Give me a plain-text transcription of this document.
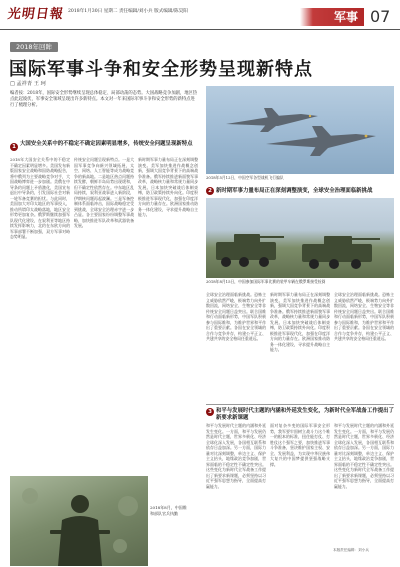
光明日報 2018年1月30日 星期二 责任编辑/刘小兵 版式编辑/陈昊阳	军事 07
2018年回眸
国际军事斗争和安全形势呈现新特点
□ 孟祥青 王 珂
编者按：2018年，国际安全形势继续呈现总体稳定、局部动荡的态势。大国战略竞争加剧，地区热点此起彼伏，军事安全领域呈现出许多新特点。本文对一年来国际军事斗争和安全形势的新特点进行了梳理分析。
2018年5月12日，中国空军各型战机飞行编队
1 大国安全关系中的不稳定不确定因素明显增多，传统安全问题呈现新特点
2018年大国安全关系中的不稳定不确定因素明显增多。美国发布新版国家安全战略和国防战略报告，将中俄列为主要战略竞争对手，大国战略博弈进一步加剧。美俄在中导条约问题上矛盾激化，美国宣布退出中导条约，引发国际社会对新一轮军备竞赛的担忧。与此同时，美国加大对印太地区的军事投入，推动所谓印太战略落地，地区安全形势更加复杂。俄罗斯继续加强军队现代化建设，在叙利亚等地区持续发挥影响力，北约在东欧方向的军事部署不断加强，双方军事对峙态势明显。
传统安全问题呈现新特点。一是大国军事竞争向新兴领域拓展，太空、网络、人工智能等成为战略竞争的新高地。二是地区热点问题持续发酵，朝鲜半岛局势出现缓和，但不确定性依然存在。中东地区乱局持续，叙利亚战事进入新阶段，伊朗核问题再起波澜。三是军备控制体系面临冲击，国际战略稳定受到挑战，全球安全治理赤字进一步凸显。各主要国家纷纷调整军事战略，加快推进军队改革和武器装备发展。
新时期军事力量布局正在深刻调整演变。美军加快推进作战概念创新，强调大国竞争背景下的高端战争准备。俄军持续推进新面貌军事改革，战略核力量和常规力量同步发展。日本加快突破战后体制束缚，防卫政策持续外向化。印度积极推进军事现代化，加强在印度洋方向的力量存在。欧洲国家推动防务一体化建设，寻求提升战略自主能力。
2 新时期军事力量布局正在深刻调整演变，全球安全治理面临新挑战
2018年8月15日，中国参加国际军事比赛的装甲车辆在俄罗斯接受检阅
全球安全治理面临新挑战。恐怖主义威胁依然严峻，极端势力向外扩散回流，网络安全、生物安全等非传统安全问题日益突出。联合国维和行动面临新形势，中国军队积极参与国际维和，为维护世界和平作出了重要贡献。各国在安全领域的合作与竞争并存，构建公平正义、共建共享的安全格局任重道远。
新时期军事力量布局正在深刻调整演变。美军加快推进作战概念创新，强调大国竞争背景下的高端战争准备。俄军持续推进新面貌军事改革，战略核力量和常规力量同步发展。日本加快突破战后体制束缚，防卫政策持续外向化。印度积极推进军事现代化，加强在印度洋方向的力量存在。欧洲国家推动防务一体化建设，寻求提升战略自主能力。
全球安全治理面临新挑战。恐怖主义威胁依然严峻，极端势力向外扩散回流，网络安全、生物安全等非传统安全问题日益突出。联合国维和行动面临新形势，中国军队积极参与国际维和，为维护世界和平作出了重要贡献。各国在安全领域的合作与竞争并存，构建公平正义、共建共享的安全格局任重道远。
3 和平与发展时代主题的内涵和外延发生变化，为新时代全军战备工作提出了新要求新课题
和平与发展时代主题的内涵和外延发生变化。一方面，和平与发展仍然是时代主题，世界多极化、经济全球化深入发展，各国相互联系和依存日益加深。另一方面，国际力量对比深刻调整，单边主义、保护主义抬头，地缘政治竞争加剧，世界面临的不稳定性不确定性突出。这些变化为新时代全军战备工作提出了新要求新课题，必须坚持以习近平强军思想为指导，全面提高打赢能力。
面对复杂多变的国际军事安全形势，我军要牢固树立战斗力这个唯一的根本的标准，扭住能打仗、打胜仗这个强军之要，加快推进军事斗争准备，坚决维护国家主权、安全、发展利益，为实现中华民族伟大复兴的中国梦提供坚强战略支撑。
和平与发展时代主题的内涵和外延发生变化。一方面，和平与发展仍然是时代主题，世界多极化、经济全球化深入发展，各国相互联系和依存日益加深。另一方面，国际力量对比深刻调整，单边主义、保护主义抬头，地缘政治竞争加剧，世界面临的不稳定性不确定性突出。这些变化为新时代全军战备工作提出了新要求新课题，必须坚持以习近平强军思想为指导，全面提高打赢能力。
2018年8月，中国维和部队官兵执勤
本版责任编辑：刘小兵
